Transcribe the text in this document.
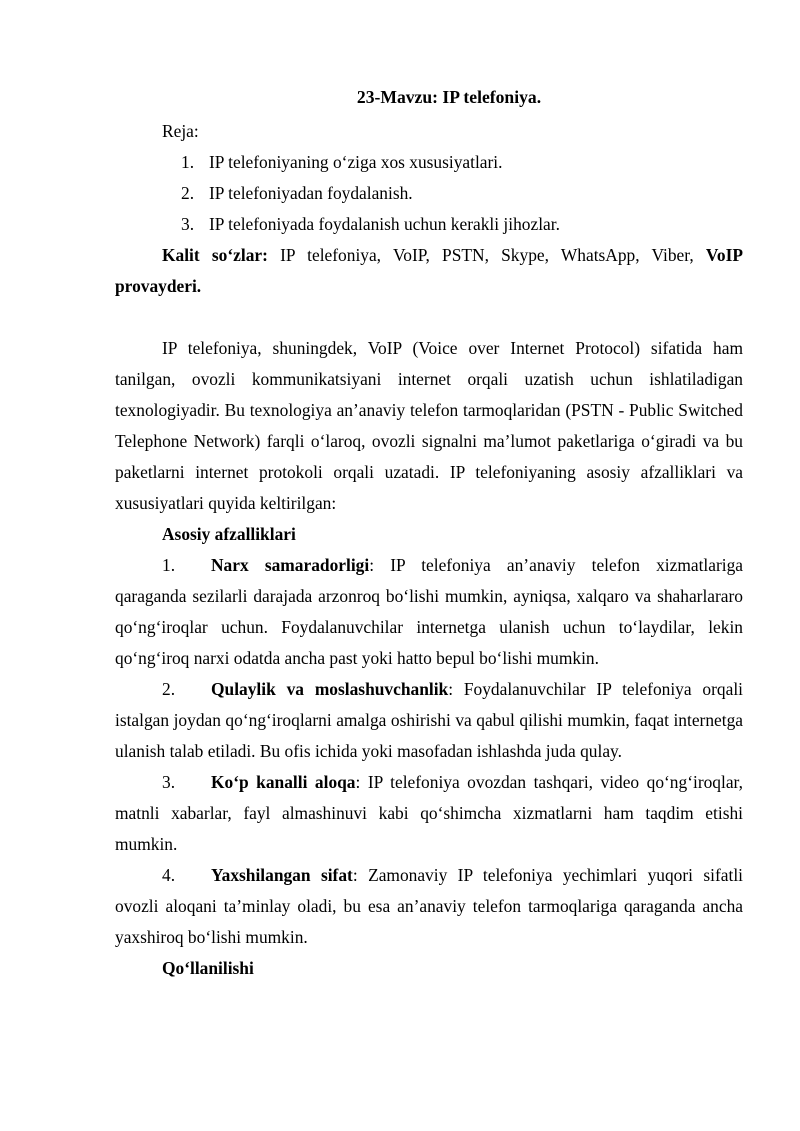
23-Mavzu: IP telefoniya.
Reja:
1. IP telefoniyaning o‘ziga xos xususiyatlari.
2. IP telefoniyadan foydalanish.
3. IP telefoniyada foydalanish uchun kerakli jihozlar.

Kalit so‘zlar: IP telefoniya, VoIP, PSTN, Skype, WhatsApp, Viber, VoIP provayderi.

IP telefoniya, shuningdek, VoIP (Voice over Internet Protocol) sifatida ham tanilgan, ovozli kommunikatsiyani internet orqali uzatish uchun ishlatiladigan texnologiyadir. Bu texnologiya an’anaviy telefon tarmoqlaridan (PSTN - Public Switched Telephone Network) farqli o‘laroq, ovozli signalni ma’lumot paketlariga o‘giradi va bu paketlarni internet protokoli orqali uzatadi. IP telefoniyaning asosiy afzalliklari va xususiyatlari quyida keltirilgan:

Asosiy afzalliklari

1. Narx samaradorligi: IP telefoniya an’anaviy telefon xizmatlariga qaraganda sezilarli darajada arzonroq bo‘lishi mumkin, ayniqsa, xalqaro va shaharlararo qo‘ng‘iroqlar uchun. Foydalanuvchilar internetga ulanish uchun to‘laydilar, lekin qo‘ng‘iroq narxi odatda ancha past yoki hatto bepul bo‘lishi mumkin.

2. Qulaylik va moslashuvchanlik: Foydalanuvchilar IP telefoniya orqali istalgan joydan qo‘ng‘iroqlarni amalga oshirishi va qabul qilishi mumkin, faqat internetga ulanish talab etiladi. Bu ofis ichida yoki masofadan ishlashda juda qulay.

3. Ko‘p kanalli aloqa: IP telefoniya ovozdan tashqari, video qo‘ng‘iroqlar, matnli xabarlar, fayl almashinuvi kabi qo‘shimcha xizmatlarni ham taqdim etishi mumkin.

4. Yaxshilangan sifat: Zamonaviy IP telefoniya yechimlari yuqori sifatli ovozli aloqani ta’minlay oladi, bu esa an’anaviy telefon tarmoqlariga qaraganda ancha yaxshiroq bo‘lishi mumkin.

Qo‘llanilishi
